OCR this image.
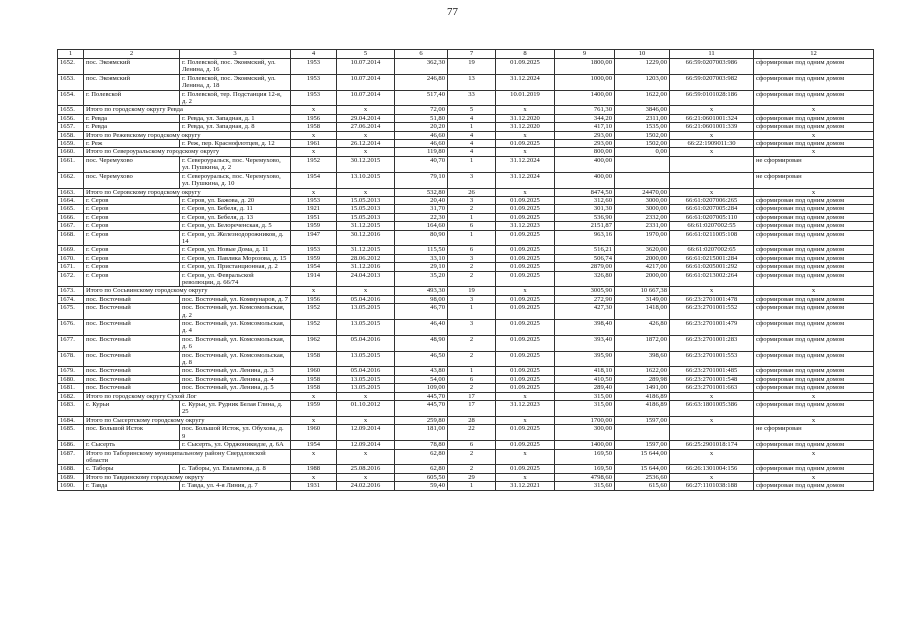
77
1	2	3	4	5	6	7	8	9	10	11	12
1652.	пос. Экоямский	г. Полевской, пос. Экоямский, ул. Ленина, д. 16	1953	10.07.2014	362,30	19	01.09.2025	1800,00	1229,00	66:59:0207003:986	сформирован под одним домом
1653.	пос. Экоямский	г. Полевской, пос. Экоямский, ул. Ленина, д. 18	1953	10.07.2014	246,80	13	31.12.2024	1000,00	1203,00	66:59:0207003:982	сформирован под одним домом
1654.	г. Полевской	г. Полевской, тер. Подстанция 12-я, д. 2	1953	10.07.2014	517,40	33	10.01.2019	1400,00	1622,00	66:59:0101028:186	сформирован под одним домом
1655.	Итого по городскому округу Ревда		x	x	72,00	5	x	761,30	3846,00	x	x
1656.	г. Ревда	г. Ревда, ул. Западная, д. 1	1956	29.04.2014	51,80	4	31.12.2020	344,20	2311,00	66:21:0601001:324	сформирован под одним домом
1657.	г. Ревда	г. Ревда, ул. Западная, д. 8	1958	27.06.2014	20,20	1	31.12.2020	417,10	1535,00	66:21:0601001:339	сформирован под одним домом
1658.	Итого по Режевскому городскому округу		x	x	46,60	4	x	293,00	1502,00	x	x
1659.	г. Реж	г. Реж, пер. Краснофлотцев, д. 12	1961	26.12.2014	46,60	4	01.09.2025	293,00	1502,00	66:22:1909011:30	сформирован под одним домом
1660.	Итого по Североуральскому городскому округу		x	x	119,80	4	x	800,00	0,00	x	x
1661.	пос. Черемухово	г. Североуральск, пос. Черемухово, ул. Пушкина, д. 2	1952	30.12.2015	40,70	1	31.12.2024	400,00			не сформирован
1662.	пос. Черемухово	г. Североуральск, пос. Черемухово, ул. Пушкина, д. 10	1954	13.10.2015	79,10	3	31.12.2024	400,00			не сформирован
1663.	Итого по Серовскому городскому округу		x	x	532,80	26	x	8474,50	24470,00	x	x
1664.	г. Серов	г. Серов, ул. Бажова, д. 20	1953	15.05.2013	20,40	3	01.09.2025	312,60	3000,00	66:61:0207006:265	сформирован под одним домом
1665.	г. Серов	г. Серов, ул. Бебеля, д. 11	1921	15.05.2013	31,70	2	01.09.2025	301,30	3000,00	66:61:0207005:284	сформирован под одним домом
1666.	г. Серов	г. Серов, ул. Бебеля, д. 13	1951	15.05.2013	22,30	1	01.09.2025	536,90	2332,00	66:61:0207005:110	сформирован под одним домом
1667.	г. Серов	г. Серов, ул. Белореченская, д. 5	1959	31.12.2015	164,60	6	31.12.2023	2151,87	2331,00	66:61:0207002:55	сформирован под одним домом
1668.	г. Серов	г. Серов, ул. Железнодорожников, д. 14	1947	30.12.2016	80,90	1	01.09.2025	963,16	1970,00	66:61:0211005:108	сформирован под одним домом
1669.	г. Серов	г. Серов, ул. Новые Дома, д. 11	1953	31.12.2015	115,50	6	01.09.2025	516,21	3620,00	66:61:0207002:65	сформирован под одним домом
1670.	г. Серов	г. Серов, ул. Павлика Морозова, д. 15	1959	28.06.2012	33,10	3	01.09.2025	506,74	2000,00	66:61:0215001:284	сформирован под одним домом
1671.	г. Серов	г. Серов, ул. Пристанционная, д. 2	1954	31.12.2016	29,10	2	01.09.2025	2879,00	4217,00	66:61:0205001:292	сформирован под одним домом
1672.	г. Серов	г. Серов, ул. Февральской революции, д. 66/74	1914	24.04.2013	35,20	2	01.09.2025	326,80	2000,00	66:61:0213002:264	сформирован под одним домом
1673.	Итого по Сосьвинскому городскому округу		x	x	493,30	19	x	3005,90	10 667,38	x	x
1674.	пос. Восточный	пос. Восточный, ул. Коммунаров, д. 7	1956	05.04.2016	98,00	3	01.09.2025	272,90	3149,00	66:23:2701001:478	сформирован под одним домом
1675.	пос. Восточный	пос. Восточный, ул. Комсомольская, д. 2	1952	13.05.2015	46,70	1	01.09.2025	427,30	1418,00	66:23:2701001:552	сформирован под одним домом
1676.	пос. Восточный	пос. Восточный, ул. Комсомольская, д. 4	1952	13.05.2015	46,40	3	01.09.2025	398,40	426,80	66:23:2701001:479	сформирован под одним домом
1677.	пос. Восточный	пос. Восточный, ул. Комсомольская, д. 6	1962	05.04.2016	48,90	2	01.09.2025	393,40	1872,00	66:23:2701001:283	сформирован под одним домом
1678.	пос. Восточный	пос. Восточный, ул. Комсомольская, д. 8	1958	13.05.2015	46,50	2	01.09.2025	395,90	398,60	66:23:2701001:553	сформирован под одним домом
1679.	пос. Восточный	пос. Восточный, ул. Ленина, д. 3	1960	05.04.2016	43,80	1	01.09.2025	418,10	1622,00	66:23:2701001:485	сформирован под одним домом
1680.	пос. Восточный	пос. Восточный, ул. Ленина, д. 4	1958	13.05.2015	54,00	6	01.09.2025	410,50	289,98	66:23:2701001:548	сформирован под одним домом
1681.	пос. Восточный	пос. Восточный, ул. Ленина, д. 5	1958	13.05.2015	109,00	2	01.09.2025	289,40	1491,00	66:23:2701001:663	сформирован под одним домом
1682.	Итого по городскому округу Сухой Лог		x	x	445,70	17	x	315,00	4186,89	x	x
1683.	с. Курьи	с. Курьи, ул. Рудник Белая Глина, д. 25	1959	01.10.2012	445,70	17	31.12.2023	315,00	4186,89	66:63:1801005:386	сформирован под одним домом
1684.	Итого по Сысертскому городскому округу		x	x	259,80	28	x	1700,00	1597,00	x	x
1685.	пос. Большой Исток	пос. Большой Исток, ул. Обухова, д. 9	1960	12.09.2014	181,00	22	01.09.2025	300,00			не сформирован
1686.	г. Сысерть	г. Сысерть, ул. Орджоникидзе, д. 6А	1954	12.09.2014	78,80	6	01.09.2025	1400,00	1597,00	66:25:2901018:174	сформирован под одним домом
1687.	Итого по Таборинскому муниципальному району Свердловской области		x	x	62,80	2	x	169,50	15 644,00	x	x
1688.	с. Таборы	с. Таборы, ул. Евлампова, д. 8	1988	25.08.2016	62,80	2	01.09.2025	169,50	15 644,00	66:26:1301004:156	сформирован под одним домом
1689.	Итого по Тавдинскому городскому округу		x	x	605,50	29	x	4798,60	2536,60	x	x
1690.	г. Тавда	г. Тавда, ул. 4-я Линия, д. 7	1931	24.02.2016	59,40	1	31.12.2021	315,60	615,60	66:27:1101038:188	сформирован под одним домом
